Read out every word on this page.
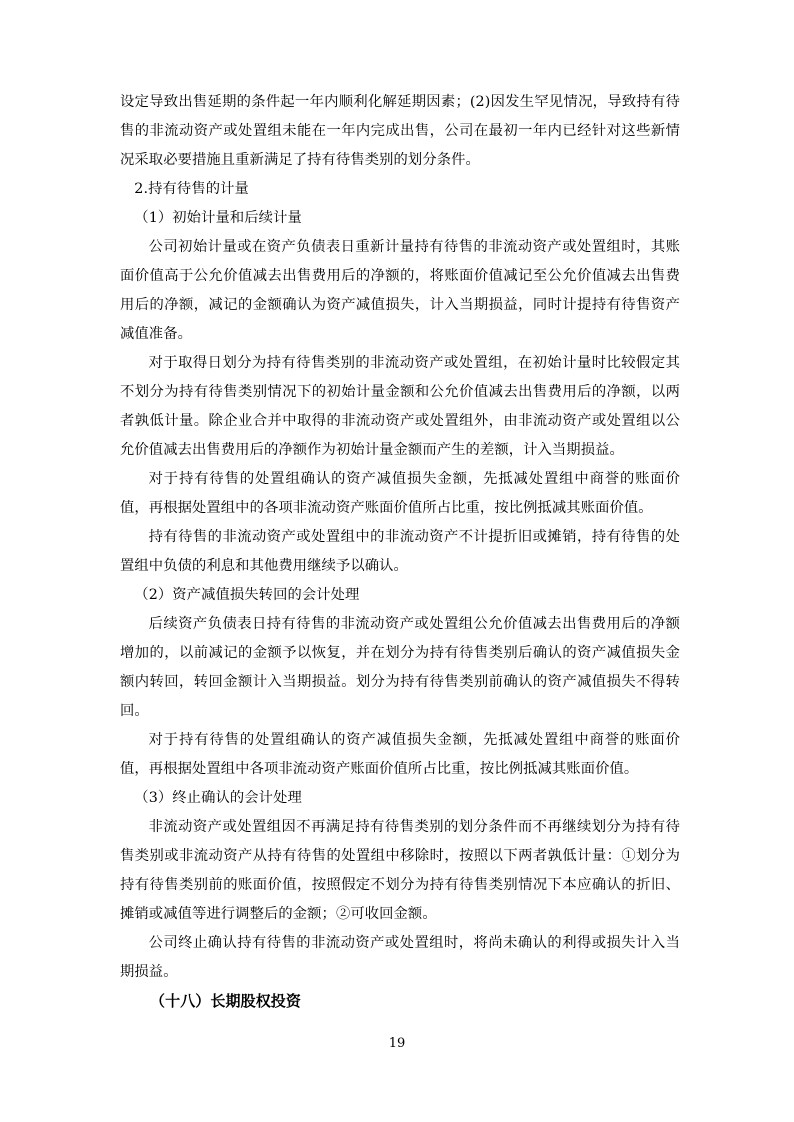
设定导致出售延期的条件起一年内顺利化解延期因素；(2)因发生罕见情况，导致持有待售的非流动资产或处置组未能在一年内完成出售，公司在最初一年内已经针对这些新情况采取必要措施且重新满足了持有待售类别的划分条件。

2.持有待售的计量

（1）初始计量和后续计量

公司初始计量或在资产负债表日重新计量持有待售的非流动资产或处置组时，其账面价值高于公允价值减去出售费用后的净额的，将账面价值减记至公允价值减去出售费用后的净额，减记的金额确认为资产减值损失，计入当期损益，同时计提持有待售资产减值准备。

对于取得日划分为持有待售类别的非流动资产或处置组，在初始计量时比较假定其不划分为持有待售类别情况下的初始计量金额和公允价值减去出售费用后的净额，以两者孰低计量。除企业合并中取得的非流动资产或处置组外，由非流动资产或处置组以公允价值减去出售费用后的净额作为初始计量金额而产生的差额，计入当期损益。

对于持有待售的处置组确认的资产减值损失金额，先抵减处置组中商誉的账面价值，再根据处置组中的各项非流动资产账面价值所占比重，按比例抵减其账面价值。

持有待售的非流动资产或处置组中的非流动资产不计提折旧或摊销，持有待售的处置组中负债的利息和其他费用继续予以确认。

（2）资产减值损失转回的会计处理

后续资产负债表日持有待售的非流动资产或处置组公允价值减去出售费用后的净额增加的，以前减记的金额予以恢复，并在划分为持有待售类别后确认的资产减值损失金额内转回，转回金额计入当期损益。划分为持有待售类别前确认的资产减值损失不得转回。

对于持有待售的处置组确认的资产减值损失金额，先抵减处置组中商誉的账面价值，再根据处置组中各项非流动资产账面价值所占比重，按比例抵减其账面价值。

（3）终止确认的会计处理

非流动资产或处置组因不再满足持有待售类别的划分条件而不再继续划分为持有待售类别或非流动资产从持有待售的处置组中移除时，按照以下两者孰低计量：①划分为持有待售类别前的账面价值，按照假定不划分为持有待售类别情况下本应确认的折旧、摊销或减值等进行调整后的金额；②可收回金额。

公司终止确认持有待售的非流动资产或处置组时，将尚未确认的利得或损失计入当期损益。

（十八）长期股权投资

19
